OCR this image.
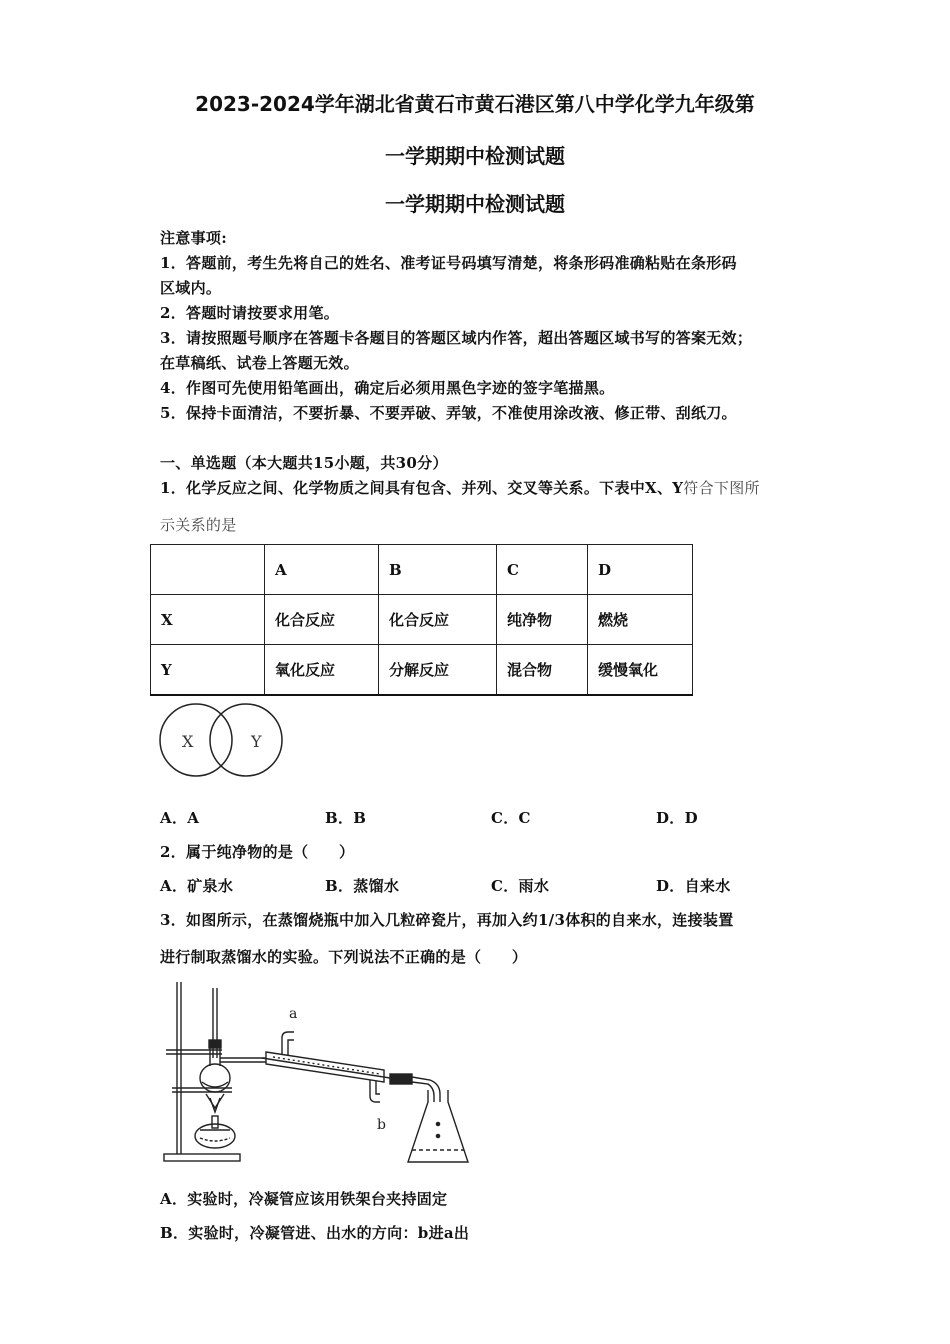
2023-2024学年湖北省黄石市黄石港区第八中学化学九年级第
一学期期中检测试题
一学期期中检测试题
注意事项:
1．答题前，考生先将自己的姓名、准考证号码填写清楚，将条形码准确粘贴在条形码
区域内。
2．答题时请按要求用笔。
3．请按照题号顺序在答题卡各题目的答题区域内作答，超出答题区域书写的答案无效；
在草稿纸、试卷上答题无效。
4．作图可先使用铅笔画出，确定后必须用黑色字迹的签字笔描黑。
5．保持卡面清洁，不要折暴、不要弄破、弄皱，不准使用涂改液、修正带、刮纸刀。
一、单选题（本大题共15小题，共30分）
1．化学反应之间、化学物质之间具有包含、并列、交叉等关系。下表中X、Y符合下图所
示关系的是
	A	B	C	D
X	化合反应	化合反应	纯净物	燃烧
Y	氧化反应	分解反应	混合物	缓慢氧化
X	Y
A．A	B．B	C．C	D．D
2．属于纯净物的是（　　）
A．矿泉水	B．蒸馏水	C．雨水	D．自来水
3．如图所示，在蒸馏烧瓶中加入几粒碎瓷片，再加入约1/3体积的自来水，连接装置
进行制取蒸馏水的实验。下列说法不正确的是（　　）
a
b
A．实验时，冷凝管应该用铁架台夹持固定
B．实验时，冷凝管进、出水的方向：b进a出
